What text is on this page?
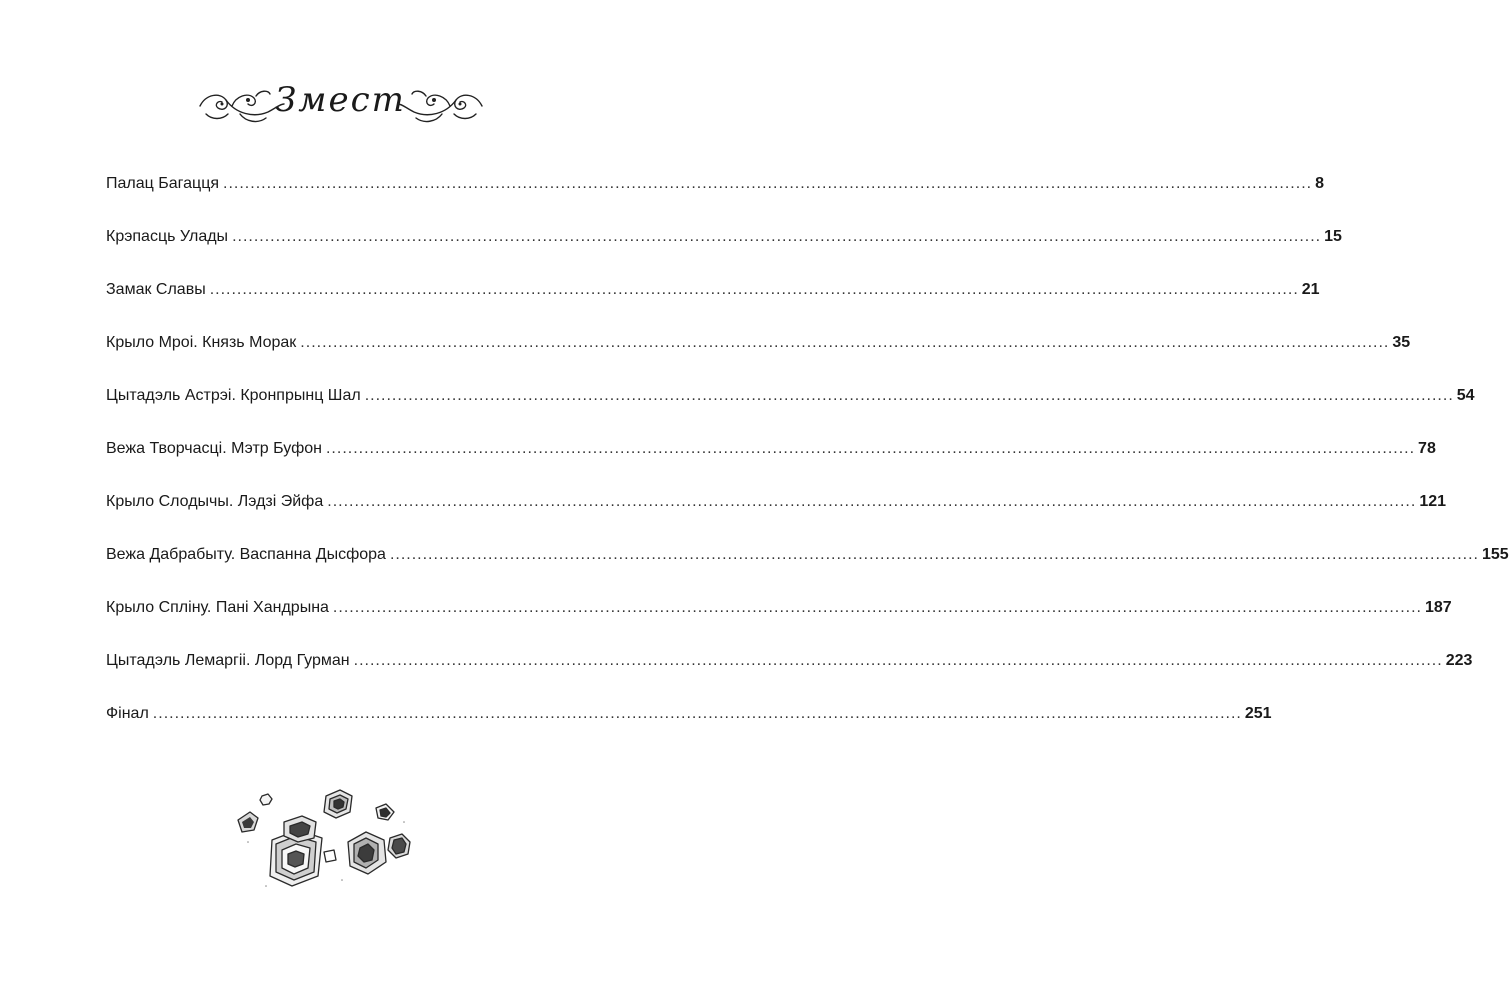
Змест
Палац Багацця ........................................................................................................................................................................................................ 8
Крэпасць Улады ........................................................................................................................................................................................................ 15
Замак Славы ........................................................................................................................................................................................................ 21
Крыло Мроі. Князь Морак ........................................................................................................................................................................................................ 35
Цытадэль Астрэі. Кронпрынц Шал ........................................................................................................................................................................................................ 54
Вежа Творчасці. Мэтр Буфон ........................................................................................................................................................................................................ 78
Крыло Слодычы. Лэдзі Эйфа ........................................................................................................................................................................................................ 121
Вежа Дабрабыту. Васпанна Дысфора ........................................................................................................................................................................................................ 155
Крыло Сплiну. Пані Хандрына ........................................................................................................................................................................................................ 187
Цытадэль Лемаргіі. Лорд Гурман ........................................................................................................................................................................................................ 223
Фiнал ........................................................................................................................................................................................................ 251
